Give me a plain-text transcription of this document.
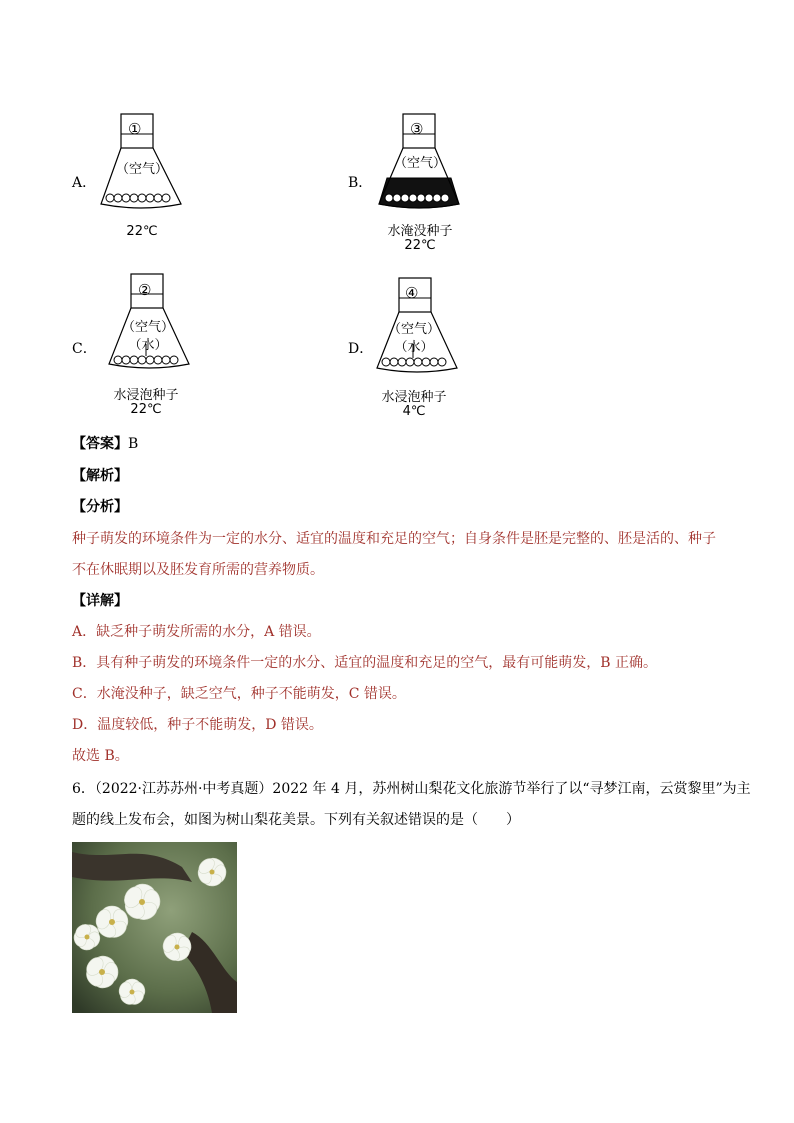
A．
①
（空气）
22℃
B．
③
（空气）
水淹没种子
22℃
C．
②
（空气）
（水）
水浸泡种子
22℃
D．
④
（空气）
（水）
水浸泡种子
4℃
【答案】B
【解析】
【分析】
种子萌发的环境条件为一定的水分、适宜的温度和充足的空气；自身条件是胚是完整的、胚是活的、种子
不在休眠期以及胚发育所需的营养物质。
【详解】
A．缺乏种子萌发所需的水分，A 错误。
B．具有种子萌发的环境条件一定的水分、适宜的温度和充足的空气，最有可能萌发，B 正确。
C．水淹没种子，缺乏空气，种子不能萌发，C 错误。
D．温度较低，种子不能萌发，D 错误。
故选 B。
6．（2022·江苏苏州·中考真题）2022 年 4 月，苏州树山梨花文化旅游节举行了以“寻梦江南，云赏黎里”为主
题的线上发布会，如图为树山梨花美景。下列有关叙述错误的是（　　）
